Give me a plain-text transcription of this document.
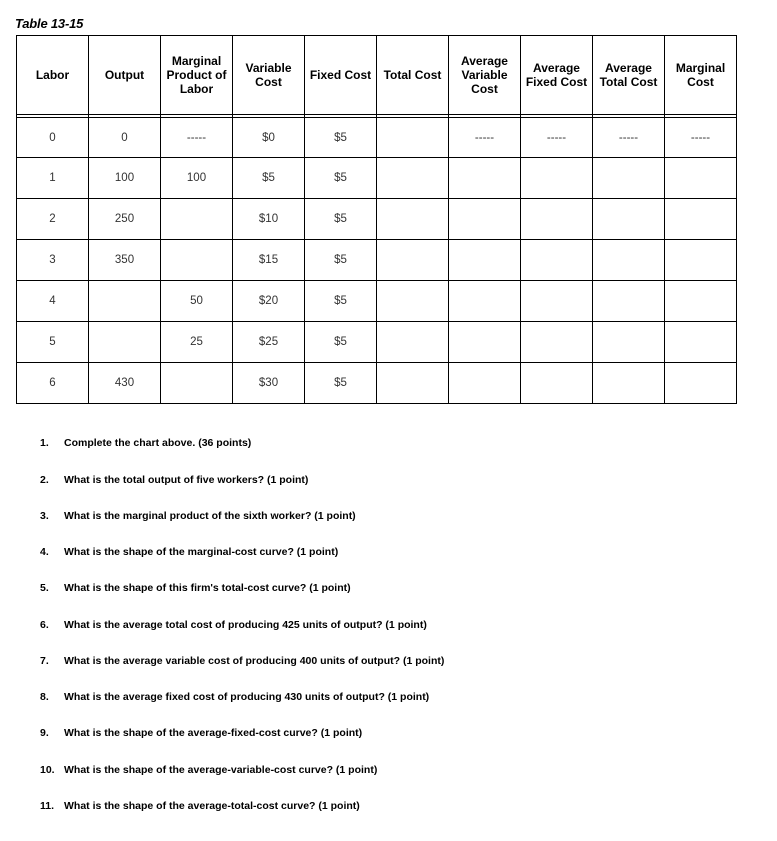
Table 13-15
Labor	Output	Marginal Product of Labor	Variable Cost	Fixed Cost	Total Cost	Average Variable Cost	Average Fixed Cost	Average Total Cost	Marginal Cost

0	0	-----	$0	$5		-----	-----	-----	-----
1	100	100	$5	$5					
2	250		$10	$5					
3	350		$15	$5					
4		50	$20	$5					
5		25	$25	$5					
6	430		$30	$5					
1. Complete the chart above. (36 points)
2. What is the total output of five workers? (1 point)
3. What is the marginal product of the sixth worker? (1 point)
4. What is the shape of the marginal-cost curve? (1 point)
5. What is the shape of this firm's total-cost curve? (1 point)
6. What is the average total cost of producing 425 units of output? (1 point)
7. What is the average variable cost of producing 400 units of output? (1 point)
8. What is the average fixed cost of producing 430 units of output? (1 point)
9. What is the shape of the average-fixed-cost curve? (1 point)
10. What is the shape of the average-variable-cost curve? (1 point)
11. What is the shape of the average-total-cost curve? (1 point)
